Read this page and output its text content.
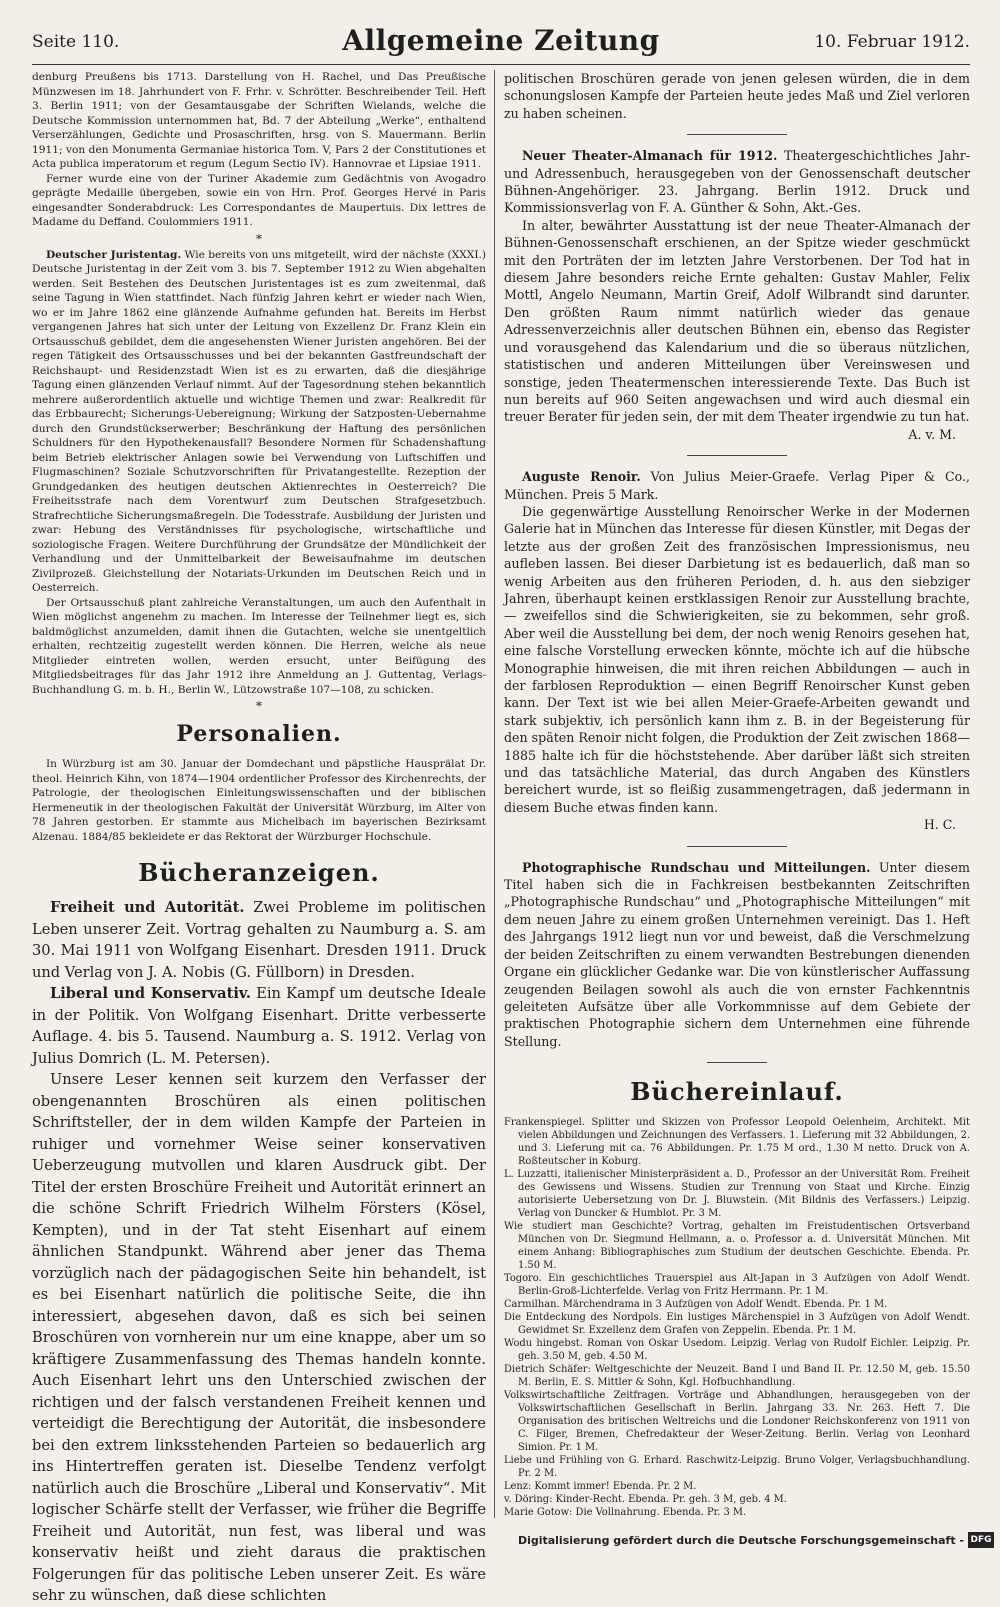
Seite 110.	Allgemeine Zeitung	10. Februar 1912.

denburg Preußens bis 1713. Darstellung von H. Rachel, und Das Preußische Münzwesen im 18. Jahrhundert von F. Frhr. v. Schrötter. Beschreibender Teil. Heft 3. Berlin 1911; von der Gesamtausgabe der Schriften Wielands, welche die Deutsche Kommission unternommen hat, Bd. 7 der Abteilung „Werke“, enthaltend Verserzählungen, Gedichte und Prosaschriften, hrsg. von S. Mauermann. Berlin 1911; von den Monumenta Germaniae historica Tom. V, Pars 2 der Constitutiones et Acta publica imperatorum et regum (Legum Sectio IV). Hannovrae et Lipsiae 1911.

Ferner wurde eine von der Turiner Akademie zum Gedächtnis von Avogadro geprägte Medaille übergeben, sowie ein von Hrn. Prof. Georges Hervé in Paris eingesandter Sonderabdruck: Les Correspondantes de Maupertuis. Dix lettres de Madame du Deffand. Coulommiers 1911.

*

Deutscher Juristentag. Wie bereits von uns mitgeteilt, wird der nächste (XXXI.) Deutsche Juristentag in der Zeit vom 3. bis 7. September 1912 zu Wien abgehalten werden. Seit Bestehen des Deutschen Juristentages ist es zum zweitenmal, daß seine Tagung in Wien stattfindet. Nach fünfzig Jahren kehrt er wieder nach Wien, wo er im Jahre 1862 eine glänzende Aufnahme gefunden hat. Bereits im Herbst vergangenen Jahres hat sich unter der Leitung von Exzellenz Dr. Franz Klein ein Ortsausschuß gebildet, dem die angesehensten Wiener Juristen angehören. Bei der regen Tätigkeit des Ortsausschusses und bei der bekannten Gastfreundschaft der Reichshaupt- und Residenzstadt Wien ist es zu erwarten, daß die diesjährige Tagung einen glänzenden Verlauf nimmt. Auf der Tagesordnung stehen bekanntlich mehrere außerordentlich aktuelle und wichtige Themen und zwar: Realkredit für das Erbbaurecht; Sicherungs-Uebereignung; Wirkung der Satzposten-Uebernahme durch den Grundstückserwerber; Beschränkung der Haftung des persönlichen Schuldners für den Hypothekenausfall? Besondere Normen für Schadenshaftung beim Betrieb elektrischer Anlagen sowie bei Verwendung von Luftschiffen und Flugmaschinen? Soziale Schutzvorschriften für Privatangestellte. Rezeption der Grundgedanken des heutigen deutschen Aktienrechtes in Oesterreich? Die Freiheitsstrafe nach dem Vorentwurf zum Deutschen Strafgesetzbuch. Strafrechtliche Sicherungsmaßregeln. Die Todesstrafe. Ausbildung der Juristen und zwar: Hebung des Verständnisses für psychologische, wirtschaftliche und soziologische Fragen. Weitere Durchführung der Grundsätze der Mündlichkeit der Verhandlung und der Unmittelbarkeit der Beweisaufnahme im deutschen Zivilprozeß. Gleichstellung der Notariats-Urkunden im Deutschen Reich und in Oesterreich.

Der Ortsausschuß plant zahlreiche Veranstaltungen, um auch den Aufenthalt in Wien möglichst angenehm zu machen. Im Interesse der Teilnehmer liegt es, sich baldmöglichst anzumelden, damit ihnen die Gutachten, welche sie unentgeltlich erhalten, rechtzeitig zugestellt werden können. Die Herren, welche als neue Mitglieder eintreten wollen, werden ersucht, unter Beifügung des Mitgliedsbeitrages für das Jahr 1912 ihre Anmeldung an J. Guttentag, Verlags-Buchhandlung G. m. b. H., Berlin W., Lützowstraße 107—108, zu schicken.

*
Personalien.

In Würzburg ist am 30. Januar der Domdechant und päpstliche Hausprälat Dr. theol. Heinrich Kihn, von 1874—1904 ordentlicher Professor des Kirchenrechts, der Patrologie, der theologischen Einleitungswissenschaften und der biblischen Hermeneutik in der theologischen Fakultät der Universität Würzburg, im Alter von 78 Jahren gestorben. Er stammte aus Michelbach im bayerischen Bezirksamt Alzenau. 1884/85 bekleidete er das Rektorat der Würzburger Hochschule.

Bücheranzeigen.

Freiheit und Autorität. Zwei Probleme im politischen Leben unserer Zeit. Vortrag gehalten zu Naumburg a. S. am 30. Mai 1911 von Wolfgang Eisenhart. Dresden 1911. Druck und Verlag von J. A. Nobis (G. Füllborn) in Dresden.

Liberal und Konservativ. Ein Kampf um deutsche Ideale in der Politik. Von Wolfgang Eisenhart. Dritte verbesserte Auflage. 4. bis 5. Tausend. Naumburg a. S. 1912. Verlag von Julius Domrich (L. M. Petersen).

Unsere Leser kennen seit kurzem den Verfasser der obengenannten Broschüren als einen politischen Schriftsteller, der in dem wilden Kampfe der Parteien in ruhiger und vornehmer Weise seiner konservativen Ueberzeugung mutvollen und klaren Ausdruck gibt. Der Titel der ersten Broschüre Freiheit und Autorität erinnert an die schöne Schrift Friedrich Wilhelm Försters (Kösel, Kempten), und in der Tat steht Eisenhart auf einem ähnlichen Standpunkt. Während aber jener das Thema vorzüglich nach der pädagogischen Seite hin behandelt, ist es bei Eisenhart natürlich die politische Seite, die ihn interessiert, abgesehen davon, daß es sich bei seinen Broschüren von vornherein nur um eine knappe, aber um so kräftigere Zusammenfassung des Themas handeln konnte. Auch Eisenhart lehrt uns den Unterschied zwischen der richtigen und der falsch verstandenen Freiheit kennen und verteidigt die Berechtigung der Autorität, die insbesondere bei den extrem linksstehenden Parteien so bedauerlich arg ins Hintertreffen geraten ist. Dieselbe Tendenz verfolgt natürlich auch die Broschüre „Liberal und Konservativ“. Mit logischer Schärfe stellt der Verfasser, wie früher die Begriffe Freiheit und Autorität, nun fest, was liberal und was konservativ heißt und zieht daraus die praktischen Folgerungen für das politische Leben unserer Zeit. Es wäre sehr zu wünschen, daß diese schlichten

politischen Broschüren gerade von jenen gelesen würden, die in dem schonungslosen Kampfe der Parteien heute jedes Maß und Ziel verloren zu haben scheinen.

Neuer Theater-Almanach für 1912. Theatergeschichtliches Jahr- und Adressenbuch, herausgegeben von der Genossenschaft deutscher Bühnen-Angehöriger. 23. Jahrgang. Berlin 1912. Druck und Kommissionsverlag von F. A. Günther & Sohn, Akt.-Ges.

In alter, bewährter Ausstattung ist der neue Theater-Almanach der Bühnen-Genossenschaft erschienen, an der Spitze wieder geschmückt mit den Porträten der im letzten Jahre Verstorbenen. Der Tod hat in diesem Jahre besonders reiche Ernte gehalten: Gustav Mahler, Felix Mottl, Angelo Neumann, Martin Greif, Adolf Wilbrandt sind darunter. Den größten Raum nimmt natürlich wieder das genaue Adressenverzeichnis aller deutschen Bühnen ein, ebenso das Register und vorausgehend das Kalendarium und die so überaus nützlichen, statistischen und anderen Mitteilungen über Vereinswesen und sonstige, jeden Theatermenschen interessierende Texte. Das Buch ist nun bereits auf 960 Seiten angewachsen und wird auch diesmal ein treuer Berater für jeden sein, der mit dem Theater irgendwie zu tun hat.

A. v. M.

Auguste Renoir. Von Julius Meier-Graefe. Verlag Piper & Co., München. Preis 5 Mark.

Die gegenwärtige Ausstellung Renoirscher Werke in der Modernen Galerie hat in München das Interesse für diesen Künstler, mit Degas der letzte aus der großen Zeit des französischen Impressionismus, neu aufleben lassen. Bei dieser Darbietung ist es bedauerlich, daß man so wenig Arbeiten aus den früheren Perioden, d. h. aus den siebziger Jahren, überhaupt keinen erstklassigen Renoir zur Ausstellung brachte, — zweifellos sind die Schwierigkeiten, sie zu bekommen, sehr groß. Aber weil die Ausstellung bei dem, der noch wenig Renoirs gesehen hat, eine falsche Vorstellung erwecken könnte, möchte ich auf die hübsche Monographie hinweisen, die mit ihren reichen Abbildungen — auch in der farblosen Reproduktion — einen Begriff Renoirscher Kunst geben kann. Der Text ist wie bei allen Meier-Graefe-Arbeiten gewandt und stark subjektiv, ich persönlich kann ihm z. B. in der Begeisterung für den späten Renoir nicht folgen, die Produktion der Zeit zwischen 1868—1885 halte ich für die höchststehende. Aber darüber läßt sich streiten und das tatsächliche Material, das durch Angaben des Künstlers bereichert wurde, ist so fleißig zusammengetragen, daß jedermann in diesem Buche etwas finden kann.

H. C.

Photographische Rundschau und Mitteilungen. Unter diesem Titel haben sich die in Fachkreisen bestbekannten Zeitschriften „Photographische Rundschau“ und „Photographische Mitteilungen“ mit dem neuen Jahre zu einem großen Unternehmen vereinigt. Das 1. Heft des Jahrgangs 1912 liegt nun vor und beweist, daß die Verschmelzung der beiden Zeitschriften zu einem verwandten Bestrebungen dienenden Organe ein glücklicher Gedanke war. Die von künstlerischer Auffassung zeugenden Beilagen sowohl als auch die von ernster Fachkenntnis geleiteten Aufsätze über alle Vorkommnisse auf dem Gebiete der praktischen Photographie sichern dem Unternehmen eine führende Stellung.

Büchereinlauf.

Frankenspiegel. Splitter und Skizzen von Professor Leopold Oelenheim, Architekt. Mit vielen Abbildungen und Zeichnungen des Verfassers. 1. Lieferung mit 32 Abbildungen, 2. und 3. Lieferung mit ca. 76 Abbildungen. Pr. 1.75 M ord., 1.30 M netto. Druck von A. Roßteutscher in Koburg.

L. Luzzatti, italienischer Ministerpräsident a. D., Professor an der Universität Rom. Freiheit des Gewissens und Wissens. Studien zur Trennung von Staat und Kirche. Einzig autorisierte Uebersetzung von Dr. J. Bluwstein. (Mit Bildnis des Verfassers.) Leipzig. Verlag von Duncker & Humblot. Pr. 3 M.

Wie studiert man Geschichte? Vortrag, gehalten im Freistudentischen Ortsverband München von Dr. Siegmund Hellmann, a. o. Professor a. d. Universität München. Mit einem Anhang: Bibliographisches zum Studium der deutschen Geschichte. Ebenda. Pr. 1.50 M.

Togoro. Ein geschichtliches Trauerspiel aus Alt-Japan in 3 Aufzügen von Adolf Wendt. Berlin-Groß-Lichterfelde. Verlag von Fritz Herrmann. Pr. 1 M.

Carmilhan. Märchendrama in 3 Aufzügen von Adolf Wendt. Ebenda. Pr. 1 M.

Die Entdeckung des Nordpols. Ein lustiges Märchenspiel in 3 Aufzügen von Adolf Wendt. Gewidmet Sr. Exzellenz dem Grafen von Zeppelin. Ebenda. Pr. 1 M.

Wodu hingebst. Roman von Oskar Usedom. Leipzig. Verlag von Rudolf Eichler. Leipzig. Pr. geh. 3.50 M, geb. 4.50 M.

Dietrich Schäfer: Weltgeschichte der Neuzeit. Band I und Band II. Pr. 12.50 M, geb. 15.50 M. Berlin, E. S. Mittler & Sohn, Kgl. Hofbuchhandlung.

Volkswirtschaftliche Zeitfragen. Vorträge und Abhandlungen, herausgegeben von der Volkswirtschaftlichen Gesellschaft in Berlin. Jahrgang 33. Nr. 263. Heft 7. Die Organisation des britischen Weltreichs und die Londoner Reichskonferenz von 1911 von C. Filger, Bremen, Chefredakteur der Weser-Zeitung. Berlin. Verlag von Leonhard Simion. Pr. 1 M.

Liebe und Frühling von G. Erhard. Raschwitz-Leipzig. Bruno Volger, Verlagsbuchhandlung. Pr. 2 M.

Lenz: Kommt immer! Ebenda. Pr. 2 M.

v. Döring: Kinder-Recht. Ebenda. Pr. geh. 3 M, geb. 4 M.

Marie Gotow: Die Vollnahrung. Ebenda. Pr. 3 M.

Digitalisierung gefördert durch die Deutsche Forschungsgemeinschaft - DFG
